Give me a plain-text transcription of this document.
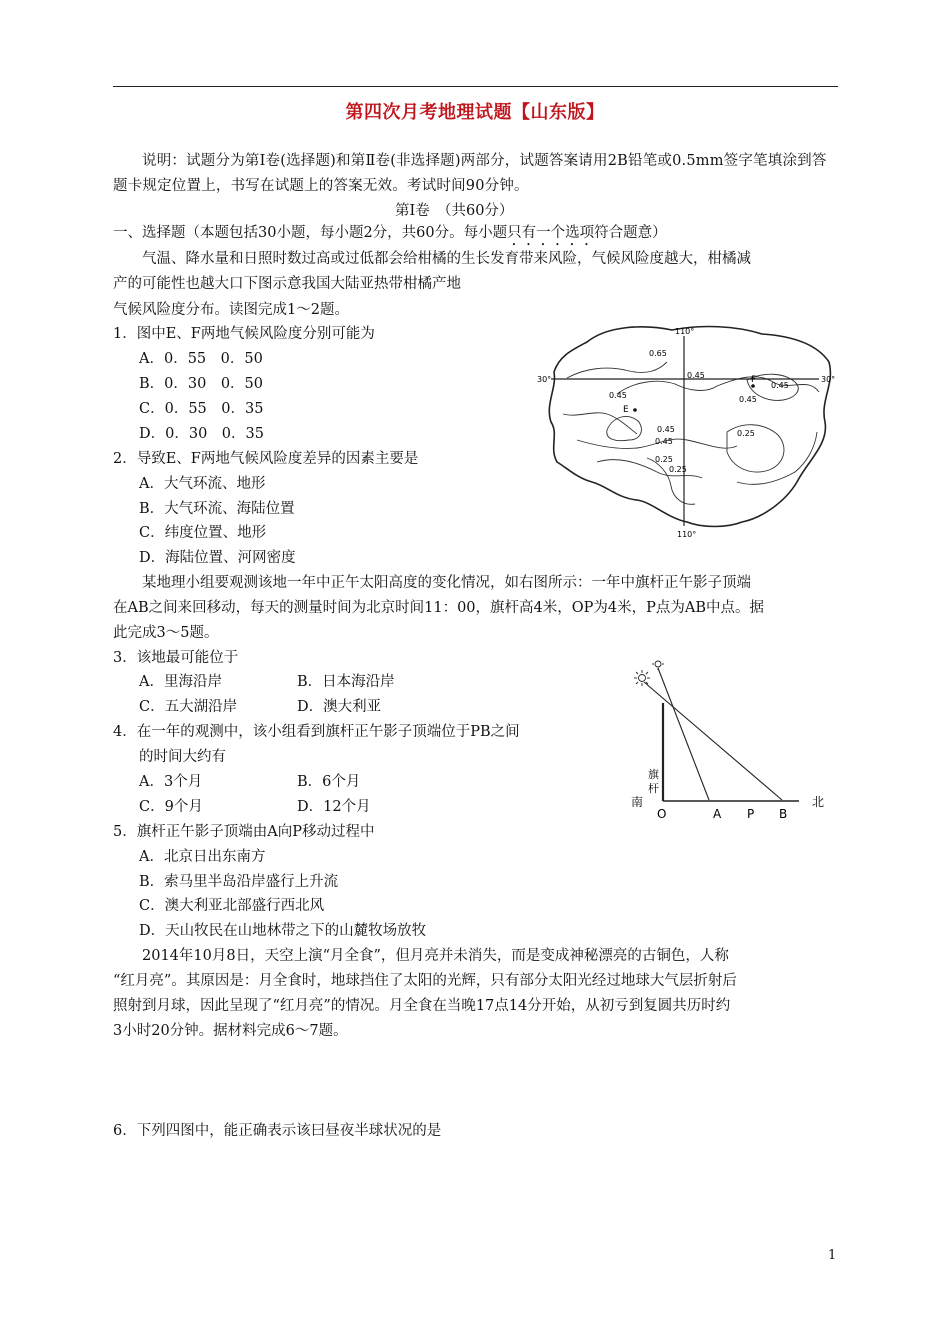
第四次月考地理试题【山东版】
说明：试题分为第Ⅰ卷(选择题)和第Ⅱ卷(非选择题)两部分，试题答案请用2B铅笔或0.5mm签字笔填涂到答题卡规定位置上，书写在试题上的答案无效。考试时间90分钟。
第Ⅰ卷　（共60分）
一、选择题（本题包括30小题，每小题2分，共60分。每小题只有一个选项符合题意）
气温、降水量和日照时数过高或过低都会给柑橘的生长发育带来风险，气候风险度越大，柑橘减
产的可能性也越大口下图示意我国大陆亚热带柑橘产地
气候风险度分布。读图完成1～2题。
1．图中E、F两地气候风险度分别可能为
A．0．55　0．50
B．0．30　0．50
C．0．55　0．35
D．0．30　0．35
2．导致E、F两地气候风险度差异的因素主要是
A．大气环流、地形
B．大气环流、海陆位置
C．纬度位置、地形
D．海陆位置、河网密度
某地理小组要观测该地一年中正午太阳高度的变化情况，如右图所示：一年中旗杆正午影子顶端
在AB之间来回移动，每天的测量时间为北京时间11：00，旗杆高4米，OP为4米，P点为AB中点。据
此完成3～5题。
3．该地最可能位于
A．里海沿岸	B．日本海沿岸
C．五大湖沿岸	D．澳大利亚
4．在一年的观测中，该小组看到旗杆正午影子顶端位于PB之间
的时间大约有
A．3个月	B．6个月
C．9个月	D．12个月
5．旗杆正午影子顶端由A向P移动过程中
A．北京日出东南方
B．索马里半岛沿岸盛行上升流
C．澳大利亚北部盛行西北风
D．天山牧民在山地林带之下的山麓牧场放牧
2014年10月8日，天空上演“月全食”，但月亮并未消失，而是变成神秘漂亮的古铜色，人称
“红月亮”。其原因是：月全食时，地球挡住了太阳的光辉，只有部分太阳光经过地球大气层折射后
照射到月球，因此呈现了“红月亮”的情况。月全食在当晚17点14分开始，从初亏到复圆共历时约
3小时20分钟。据材料完成6～7题。
6．下列四图中，能正确表示该曰昼夜半球状况的是
110°
110°
30°	30°
0.65
0.45
0.45
0.45
0.25
0.45
0.25
0.25
E
F
0.45
0.45
旗
杆
南	北
O	A P B
1
